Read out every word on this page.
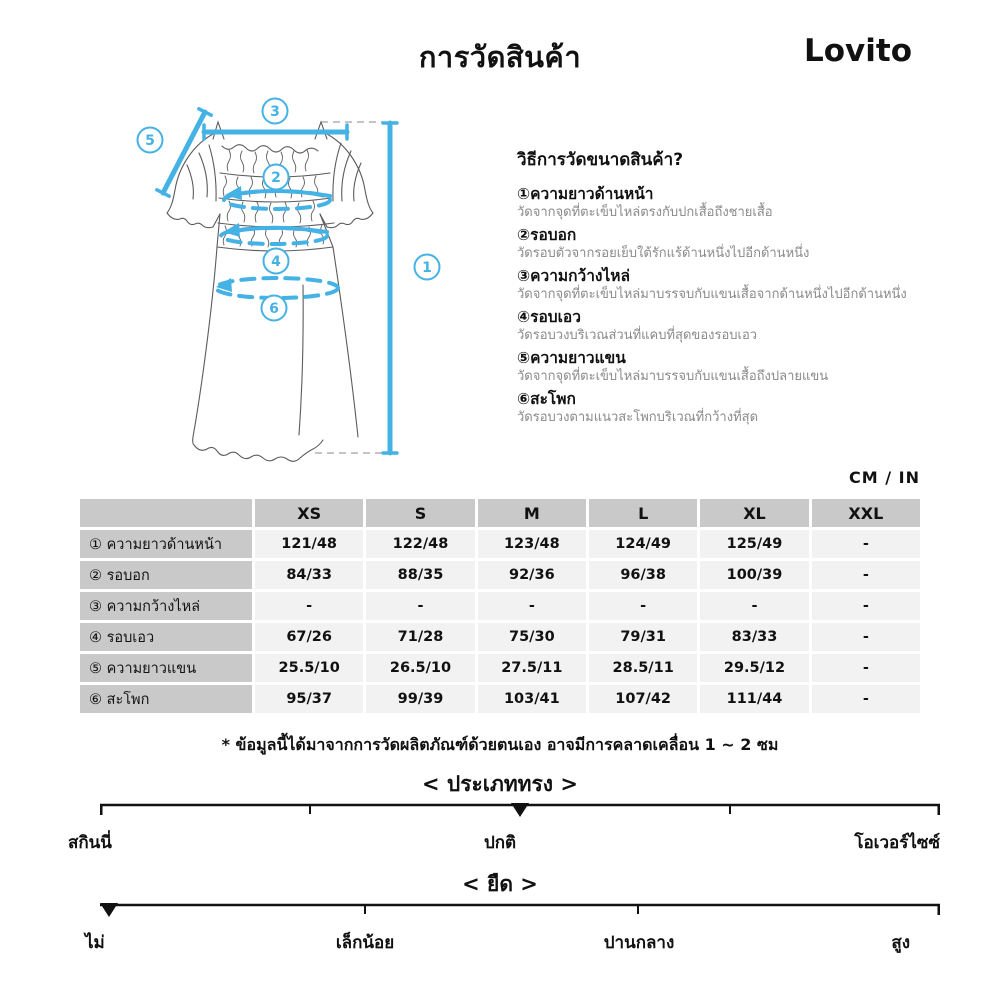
การวัดสินค้า	Lovito
3
5
2
4
6
1
วิธีการวัดขนาดสินค้า?
①ความยาวด้านหน้า
วัดจากจุดที่ตะเข็บไหล่ตรงกับปกเสื้อถึงชายเสื้อ
②รอบอก
วัดรอบตัวจากรอยเย็บใต้รักแร้ด้านหนึ่งไปอีกด้านหนึ่ง
③ความกว้างไหล่
วัดจากจุดที่ตะเข็บไหล่มาบรรจบกับแขนเสื้อจากด้านหนึ่งไปอีกด้านหนึ่ง
④รอบเอว
วัดรอบวงบริเวณส่วนที่แคบที่สุดของรอบเอว
⑤ความยาวแขน
วัดจากจุดที่ตะเข็บไหล่มาบรรจบกับแขนเสื้อถึงปลายแขน
⑥สะโพก
วัดรอบวงตามแนวสะโพกบริเวณที่กว้างที่สุด
CM / IN
XS	S	M	L	XL	XXL
① ความยาวด้านหน้า	121/48	122/48	123/48	124/49	125/49	-
② รอบอก	84/33	88/35	92/36	96/38	100/39	-
③ ความกว้างไหล่	-	-	-	-	-	-
④ รอบเอว	67/26	71/28	75/30	79/31	83/33	-
⑤ ความยาวแขน	25.5/10	26.5/10	27.5/11	28.5/11	29.5/12	-
⑥ สะโพก	95/37	99/39	103/41	107/42	111/44	-
* ข้อมูลนี้ได้มาจากการวัดผลิตภัณฑ์ด้วยตนเอง อาจมีการคลาดเคลื่อน 1 ~ 2 ซม
< ประเภททรง >
สกินนี่	ปกติ	โอเวอร์ไซซ์
< ยืด >
ไม่	เล็กน้อย	ปานกลาง	สูง
